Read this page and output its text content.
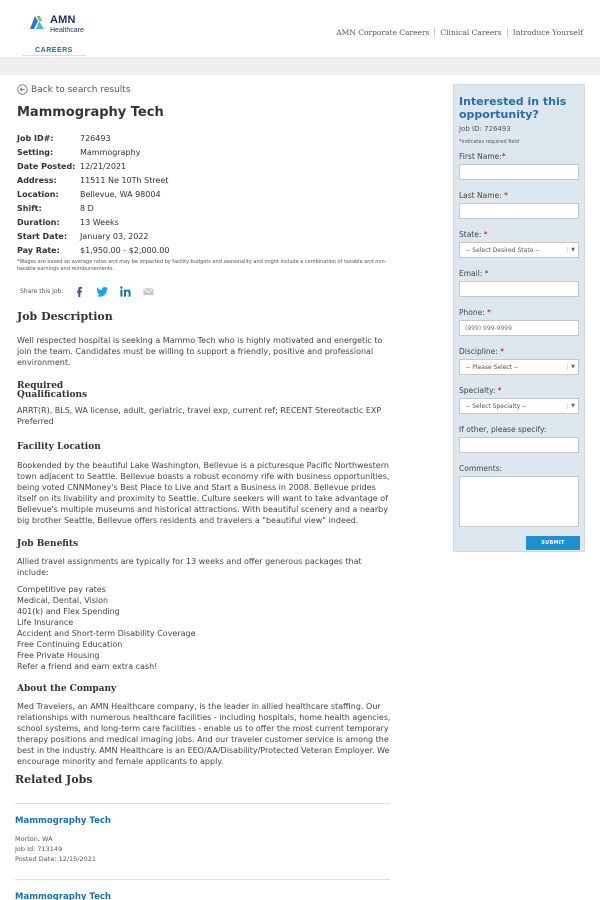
AMN
Healthcare
CAREERS
AMN Corporate Careers	Clinical Careers	Introduce Yourself
Back to search results
Mammography Tech
Job ID#:	726493
Setting:	Mammography
Date Posted: 12/21/2021
Address:	11511 Ne 10Th Street
Location:	Bellevue, WA 98004
Shift:	8 D
Duration:	13 Weeks
Start Date:	January 03, 2022
Pay Rate:	$1,950.00 - $2,000.00

*Wages are based on average rates and may be impacted by facility budgets and seasonality and might include a combination of taxable and non-taxable earnings and reimbursements.

Share this Job:
Job Description

Well respected hospital is seeking a Mammo Tech who is highly motivated and energetic to join the team. Candidates must be willing to support a friendly, positive and professional environment.

Required
Qualifications

ARRT(R), BLS, WA license, adult, geriatric, travel exp, current ref; RECENT Stereotactic EXP Preferred

Facility Location

Bookended by the beautiful Lake Washington, Bellevue is a picturesque Pacific Northwestern town adjacent to Seattle. Bellevue boasts a robust economy rife with business opportunities, being voted CNNMoney's Best Place to Live and Start a Business in 2008. Bellevue prides itself on its livability and proximity to Seattle. Culture seekers will want to take advantage of Bellevue's multiple museums and historical attractions. With beautiful scenery and a nearby big brother Seattle, Bellevue offers residents and travelers a "beautiful view" indeed.

Job Benefits

Allied travel assignments are typically for 13 weeks and offer generous packages that include:

Competitive pay rates
Medical, Dental, Vision
401(k) and Flex Spending
Life Insurance
Accident and Short-term Disability Coverage
Free Continuing Education
Free Private Housing
Refer a friend and earn extra cash!
About the Company

Med Travelers, an AMN Healthcare company, is the leader in allied healthcare staffing. Our relationships with numerous healthcare facilities - including hospitals, home health agencies, school systems, and long-term care facilities - enable us to offer the most current temporary therapy positions and medical imaging jobs. And our traveler customer service is among the best in the industry. AMN Healthcare is an EEO/AA/Disability/Protected Veteran Employer. We encourage minority and female applicants to apply.

Related Jobs
Mammography Tech
Morton, WA
Job Id: 713149
Posted Date: 12/15/2021
Mammography Tech
Interested in this opportunity?
Job ID: 726493
*indicates required field
First Name:*
Last Name: *
State: *
-- Select Desired State --	▼
Email: *
Phone: *
(999) 999-9999
Discipline: *
-- Please Select --	▼
Specialty: *
-- Select Specialty --	▼
If other, please specify:
Comments:
SUBMIT
